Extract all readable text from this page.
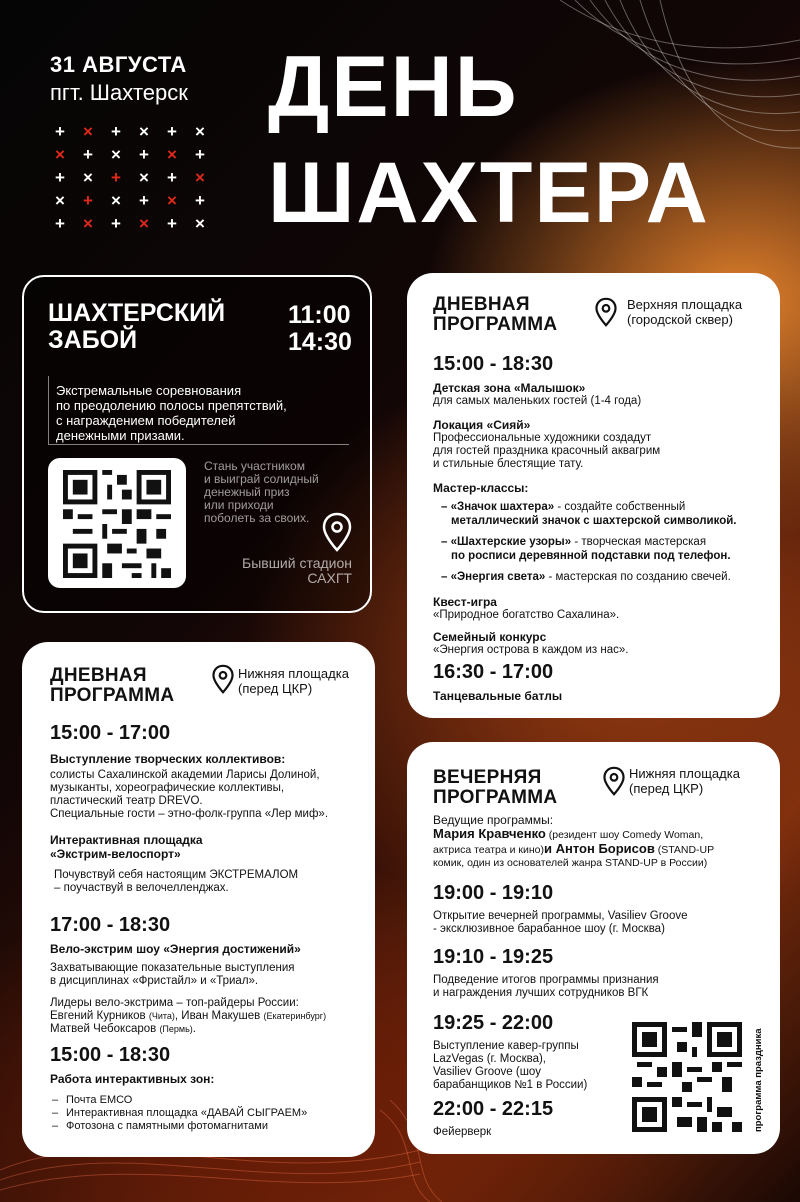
31 АВГУСТА
пгт. Шахтерск
+ × + × + ×
× + × + × +
+ × + × + ×
× + × + × +
+ × + × + ×
ДЕНЬ
ШАХТЕРА
ШАХТЕРСКИЙ
ЗАБОЙ
11:00
14:30
Экстремальные соревнования
по преодолению полосы препятствий,
с награждением победителей
денежными призами.
Стань участником
и выиграй солидный
денежный приз
или приходи
поболеть за своих.
Бывший стадион
САХГТ
ДНЕВНАЯ
ПРОГРАММА
Верхняя площадка
(городской сквер)
15:00 - 18:30
Детская зона «Малышок»
для самых маленьких гостей (1-4 года)
Локация «Сияй»
Профессиональные художники создадут
для гостей праздника красочный аквагрим
и стильные блестящие тату.
Мастер-классы:
– «Значок шахтера» - создайте собственный
металлический значок с шахтерской символикой.
– «Шахтерские узоры» - творческая мастерская
по росписи деревянной подставки под телефон.
– «Энергия света» - мастерская по созданию свечей.
Квест-игра
«Природное богатство Сахалина».
Семейный конкурс
«Энергия острова в каждом из нас».
16:30 - 17:00
Танцевальные батлы
ДНЕВНАЯ
ПРОГРАММА
Нижняя площадка
(перед ЦКР)
15:00 - 17:00
Выступление творческих коллективов:
солисты Сахалинской академии Ларисы Долиной,
музыканты, хореографические коллективы,
пластический театр DREVO.
Специальные гости – этно-фолк-группа «Лер миф».
Интерактивная площадка
«Экстрим-велоспорт»
Почувствуй себя настоящим ЭКСТРЕМАЛОМ
– поучаствуй в велочелленджах.
17:00 - 18:30
Вело-экстрим шоу «Энергия достижений»
Захватывающие показательные выступления
в дисциплинах «Фристайл» и «Триал».
Лидеры вело-экстрима – топ-райдеры России:
Евгений Курников (Чита), Иван Макушев (Екатеринбург)
Матвей Чебоксаров (Пермь).
15:00 - 18:30
Работа интерактивных зон:
– Почта ЕМСО
– Интерактивная площадка «ДАВАЙ СЫГРАЕМ»
– Фотозона с памятными фотомагнитами
ВЕЧЕРНЯЯ
ПРОГРАММА
Нижняя площадка
(перед ЦКР)
Ведущие программы:
Мария Кравченко (резидент шоу Comedy Woman,
актриса театра и кино)и Антон Борисов (STAND-UP
комик, один из основателей жанра STAND-UP в России)
19:00 - 19:10
Открытие вечерней программы, Vasiliev Groove
- эксклюзивное барабанное шоу (г. Москва)
19:10 - 19:25
Подведение итогов программы признания
и награждения лучших сотрудников ВГК
19:25 - 22:00
Выступление кавер-группы
LazVegas (г. Москва),
Vasiliev Groove (шоу
барабанщиков №1 в России)
22:00 - 22:15
Фейерверк	программа праздника
